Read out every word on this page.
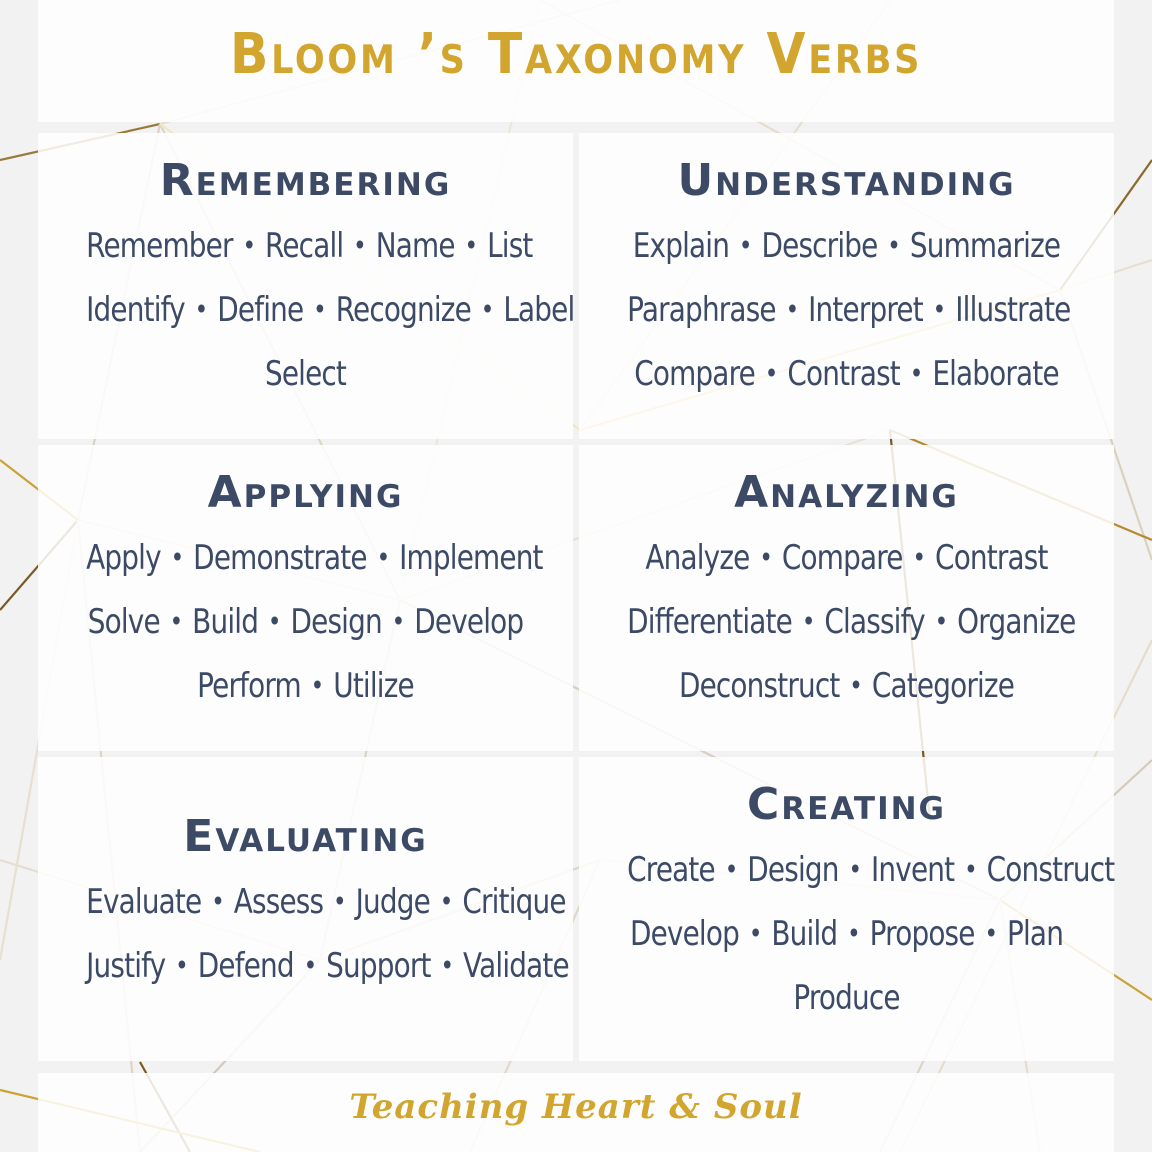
Bloom ’s Taxonomy Verbs
Remembering
Remember • Recall • Name • List
Identify • Define • Recognize • Label
Select
Understanding
Explain • Describe • Summarize
Paraphrase • Interpret • Illustrate
Compare • Contrast • Elaborate
Applying
Apply • Demonstrate • Implement
Solve • Build • Design • Develop
Perform • Utilize
Analyzing
Analyze • Compare • Contrast
Differentiate • Classify • Organize
Deconstruct • Categorize
Evaluating
Evaluate • Assess • Judge • Critique
Justify • Defend • Support • Validate
Creating
Create • Design • Invent • Construct
Develop • Build • Propose • Plan
Produce
Teaching Heart & Soul
